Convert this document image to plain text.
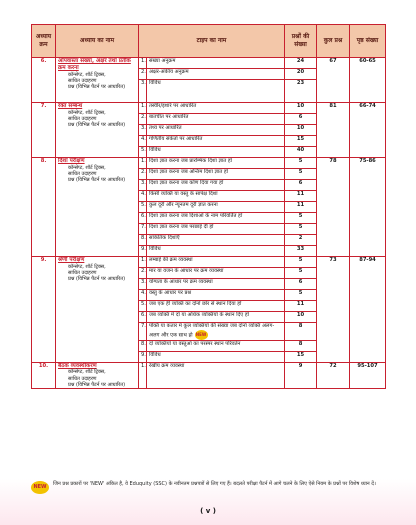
अध्याय क्रम	अध्याय का नाम	टाइप का नाम		प्रश्नों की संख्या	कुल प्रश्न	पृष्ठ संख्या
6.	ओपवास्ता संख्या, अक्षर तथा प्रतीक क्रम करना
कॉन्सेप्ट, शॉर्ट ट्रिक्स,
साधित उदाहरण
प्रश्न (विभिन्न पैटर्न पर आधारित)	1.	संख्या अनुक्रम	24	67	60-65
		2.	अक्षर-अंकीय अनुक्रम	20		
		3.	विविध	23		
7.	रक्त सम्बन्ध
कॉन्सेप्ट, शॉर्ट ट्रिक्स,
साधित उदाहरण
प्रश्न (विभिन्न पैटर्न पर आधारित)	1.	तस्वीर/इशारे पर आधारित	10	81	66-74
		2.	बातचीत पर आधारित	6		
		3.	तथ्य पर आधारित	10		
		4.	गणितीय संकेतों पर आधारित	15		
		5.	विविध	40		
8.	दिशा परीक्षण
कॉन्सेप्ट, शॉर्ट ट्रिक्स,
साधित उदाहरण
प्रश्न (विभिन्न पैटर्न पर आधारित)	1.	दिशा ज्ञात करना जब प्रारम्भिक दिशा ज्ञात हो	5	78	75-86
		2.	दिशा ज्ञात करना जब अन्तिम दिशा ज्ञात हो	5		
		3.	दिशा ज्ञात करना जब कोण दिया गया हो	6		
		4.	किसी व्यक्ति या वस्तु के सापेक्ष दिशा	11		
		5.	कुल दूरी और न्यूनतम दूरी ज्ञात करना	11		
		6.	दिशा ज्ञात करना जब दिशाओं के नाम परिवर्तित हो	5		
		7.	दिशा ज्ञात करना जब परछाई दी हो	5		
		8.	सांकेतिक दिशाएँ	2		
		9.	विविध	33		
9.	श्रेणी परीक्षण
कॉन्सेप्ट, शॉर्ट ट्रिक्स,
साधित उदाहरण
प्रश्न (विभिन्न पैटर्न पर आधारित)	1.	लम्बाई की क्रम व्यवस्था	5	73	87-94
		2.	मार या वजन के आधार पर क्रम व्यवस्था	5		
		3.	योग्यता के आधार पर क्रम व्यवस्था	6		
		4.	वस्तु के आधार पर प्रश्न	5		
		5.	जब एक ही व्यक्ति का दोनों छोर से स्थान दिया हो	11		
		6.	जब व्यक्ति में दो या अधिक व्यक्तियों के स्थान दिए हो	10		
		7.	पंक्ति या कतार में कुल व्यक्तियों की संख्या जब दोनों व्यक्ति अलग-अलग और एक साथ हो NEW	8		
		8.	दो व्यक्तियों या वस्तुओं का परस्पर स्थान परिवर्तन	8		
		9.	विविध	15		
10.	बैठक व्यवस्थीकरण
कॉन्सेप्ट, शॉर्ट ट्रिक्स,
साधित उदाहरण
प्रश्न (विभिन्न पैटर्न पर आधारित)	1.	रेखीय क्रम व्यवस्था	9	72	95-107
NEW	जिन प्रश्न प्रकारों पर 'NEW' अंकित है, वे Eduquity (SSC) के नवीनतम प्रश्नपत्रों से लिए गए हैं। बदलते परीक्षा पैटर्न में आगे चलने के लिए ऐसे नियम के प्रश्नों पर विशेष ध्यान दें।
( v )
